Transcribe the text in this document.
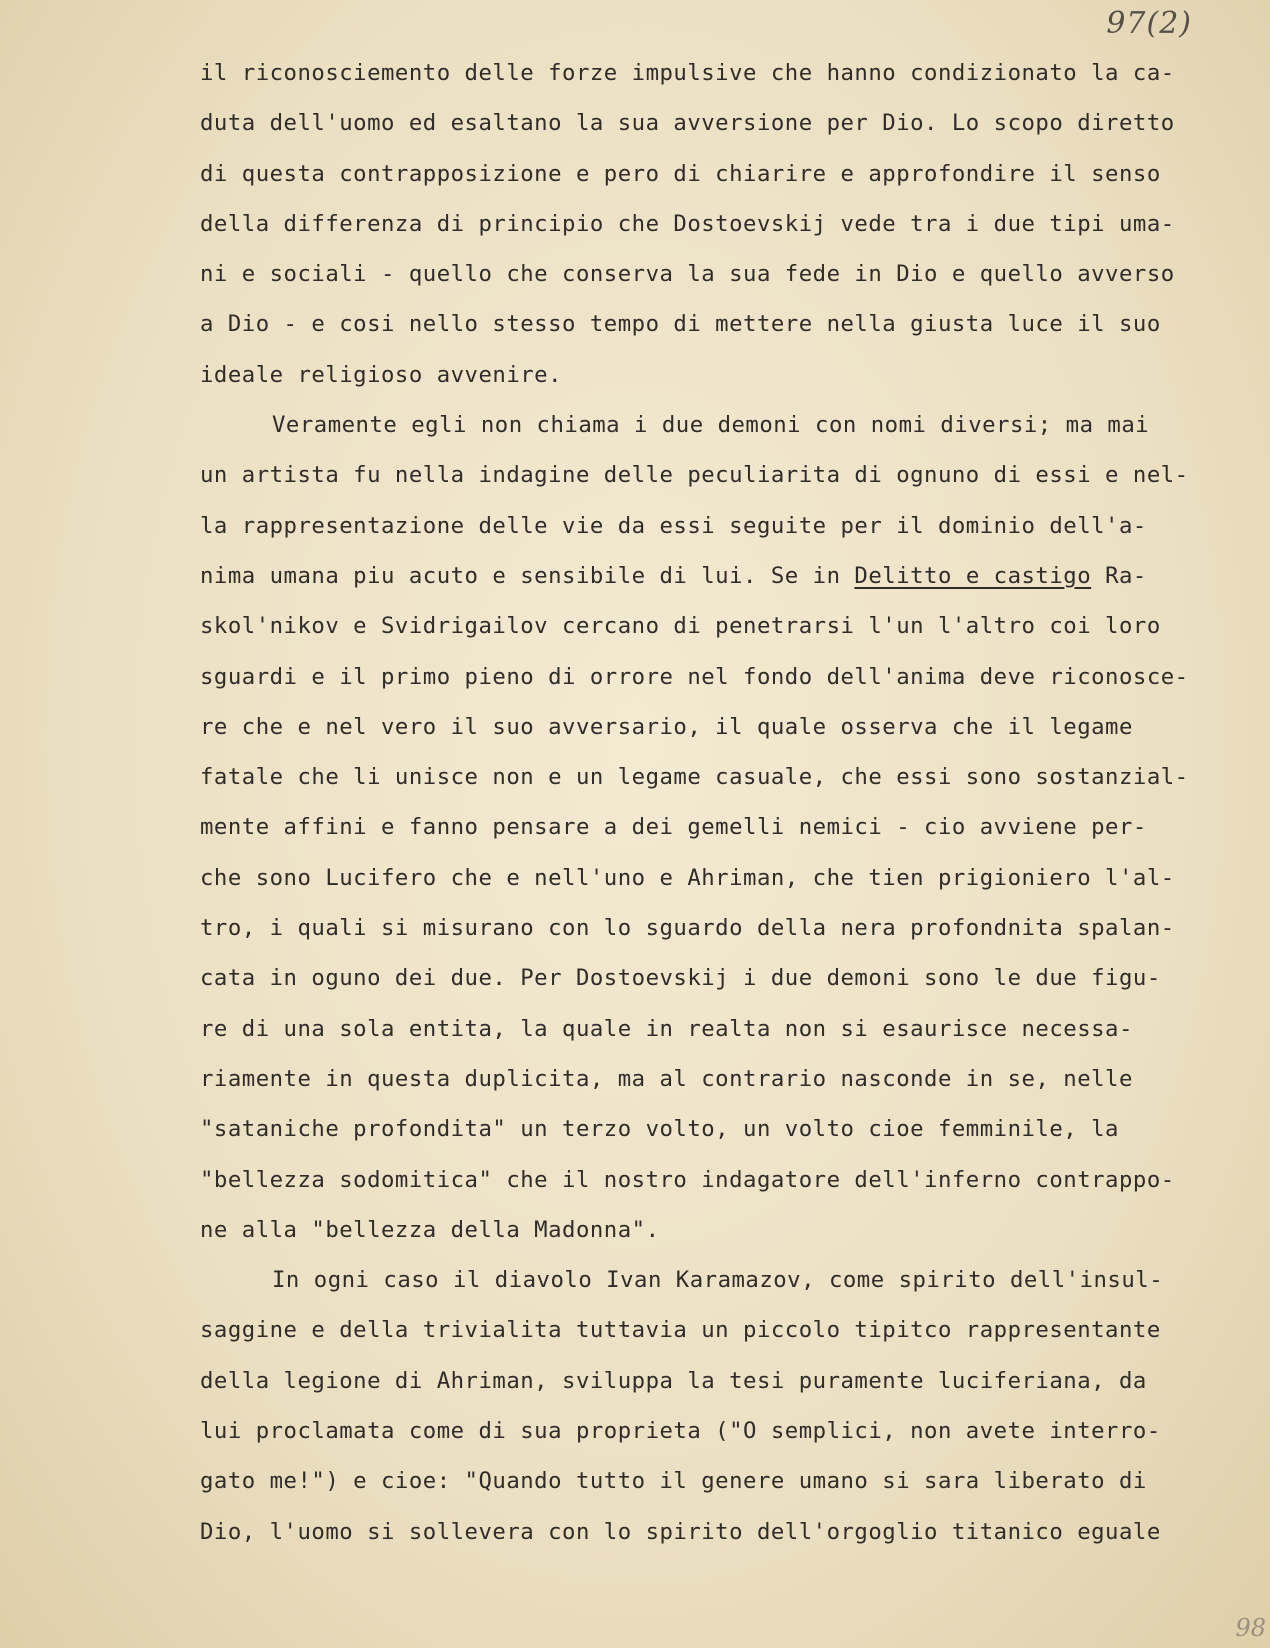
97(2)
il riconosciemento delle forze impulsive che hanno condizionato la ca-
duta dell'uomo ed esaltano la sua avversione per Dio. Lo scopo diretto
di questa contrapposizione e pero di chiarire e approfondire il senso
della differenza di principio che Dostoevskij vede tra i due tipi uma-
ni e sociali - quello che conserva la sua fede in Dio e quello avverso
a Dio - e cosi nello stesso tempo di mettere nella giusta luce il suo
ideale religioso avvenire.
Veramente egli non chiama i due demoni con nomi diversi; ma mai
un artista fu nella indagine delle peculiarita di ognuno di essi e nel-
la rappresentazione delle vie da essi seguite per il dominio dell'a-
nima umana piu acuto e sensibile di lui. Se in Delitto e castigo Ra-
skol'nikov e Svidrigailov cercano di penetrarsi l'un l'altro coi loro
sguardi e il primo pieno di orrore nel fondo dell'anima deve riconosce-
re che e nel vero il suo avversario, il quale osserva che il legame
fatale che li unisce non e un legame casuale, che essi sono sostanzial-
mente affini e fanno pensare a dei gemelli nemici - cio avviene per-
che sono Lucifero che e nell'uno e Ahriman, che tien prigioniero l'al-
tro, i quali si misurano con lo sguardo della nera profondnita spalan-
cata in oguno dei due. Per Dostoevskij i due demoni sono le due figu-
re di una sola entita, la quale in realta non si esaurisce necessa-
riamente in questa duplicita, ma al contrario nasconde in se, nelle
"sataniche profondita" un terzo volto, un volto cioe femminile, la
"bellezza sodomitica" che il nostro indagatore dell'inferno contrappo-
ne alla "bellezza della Madonna".
In ogni caso il diavolo Ivan Karamazov, come spirito dell'insul-
saggine e della trivialita tuttavia un piccolo tipitco rappresentante
della legione di Ahriman, sviluppa la tesi puramente luciferiana, da
lui proclamata come di sua proprieta ("O semplici, non avete interro-
gato me!") e cioe: "Quando tutto il genere umano si sara liberato di
Dio, l'uomo si sollevera con lo spirito dell'orgoglio titanico eguale
98
